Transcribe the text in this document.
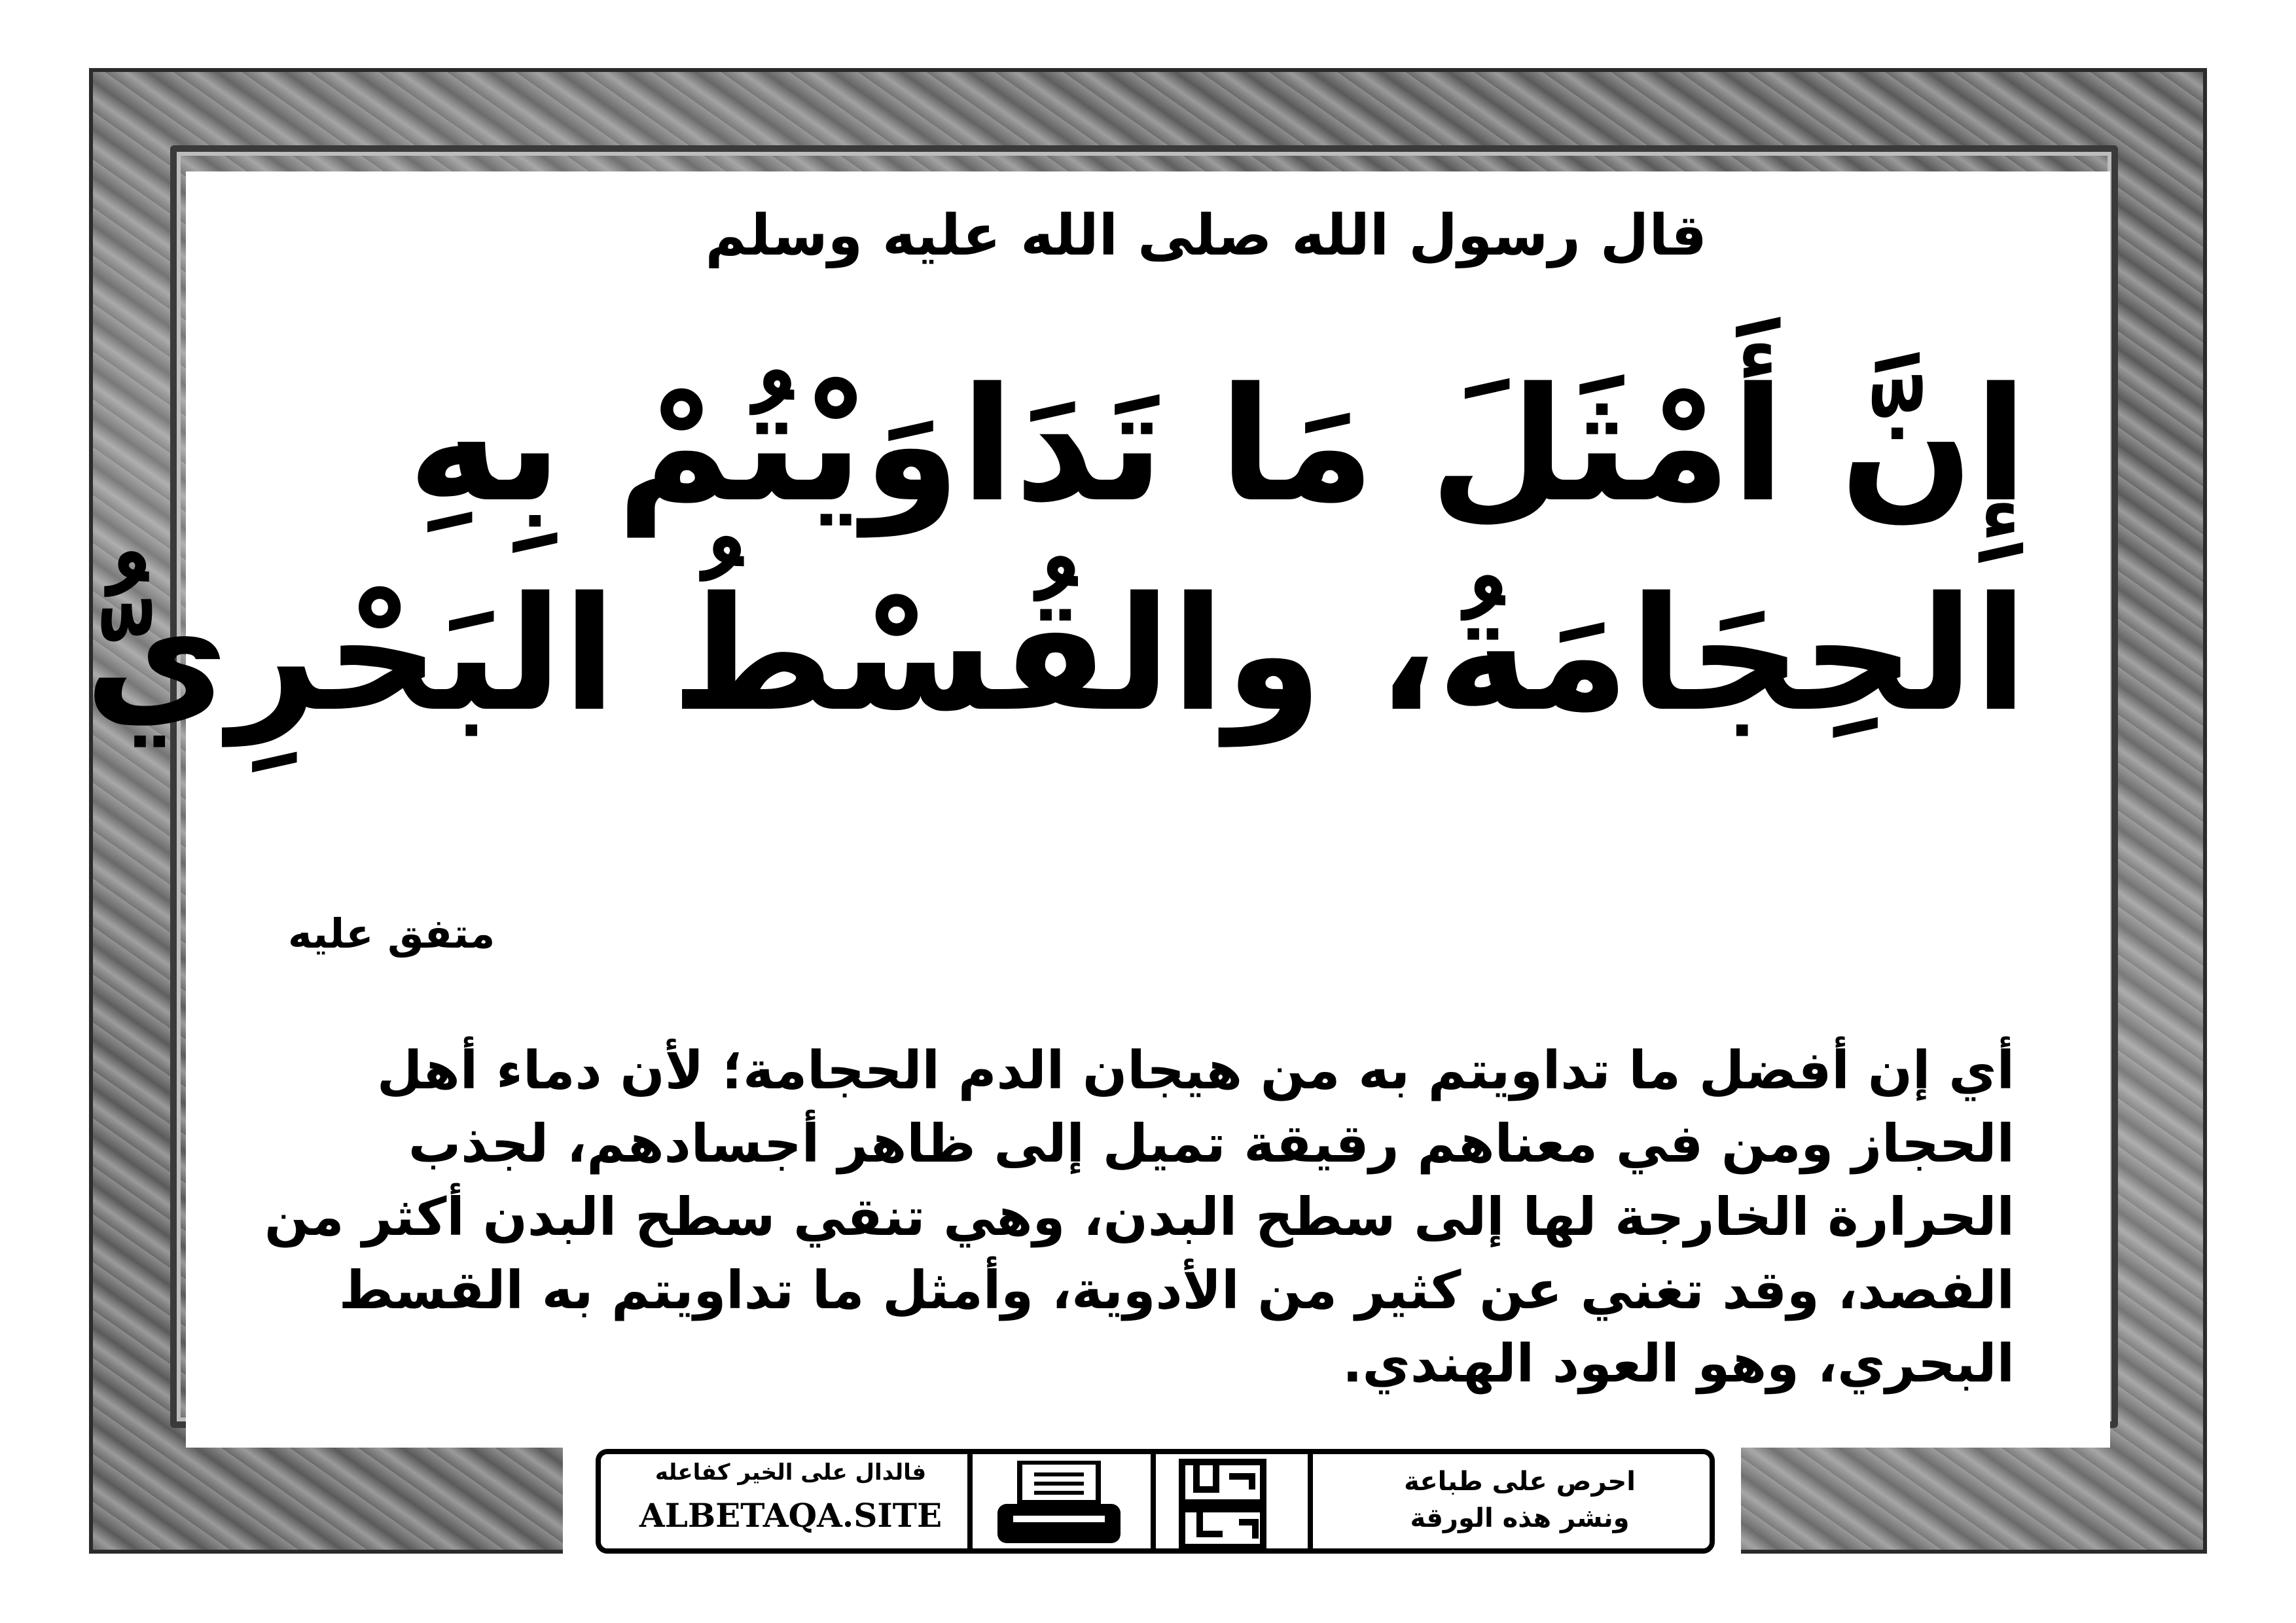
قال رسول الله صلى الله عليه وسلم
إِنَّ أَمْثَلَ مَا تَدَاوَيْتُمْ بِهِ
الحِجَامَةُ، والقُسْطُ البَحْرِيُّ
متفق عليه
أي إن أفضل ما تداويتم به من هيجان الدم الحجامة؛ لأن دماء أهل الحجاز ومن في معناهم رقيقة تميل إلى ظاهر أجسادهم، لجذب الحرارة الخارجة لها إلى سطح البدن، وهي تنقي سطح البدن أكثر من الفصد، وقد تغني عن كثير من الأدوية، وأمثل ما تداويتم به القسط البحري، وهو العود الهندي.
فالدال على الخير كفاعله
ALBETAQA.SITE
احرص على طباعة
ونشر هذه الورقة
